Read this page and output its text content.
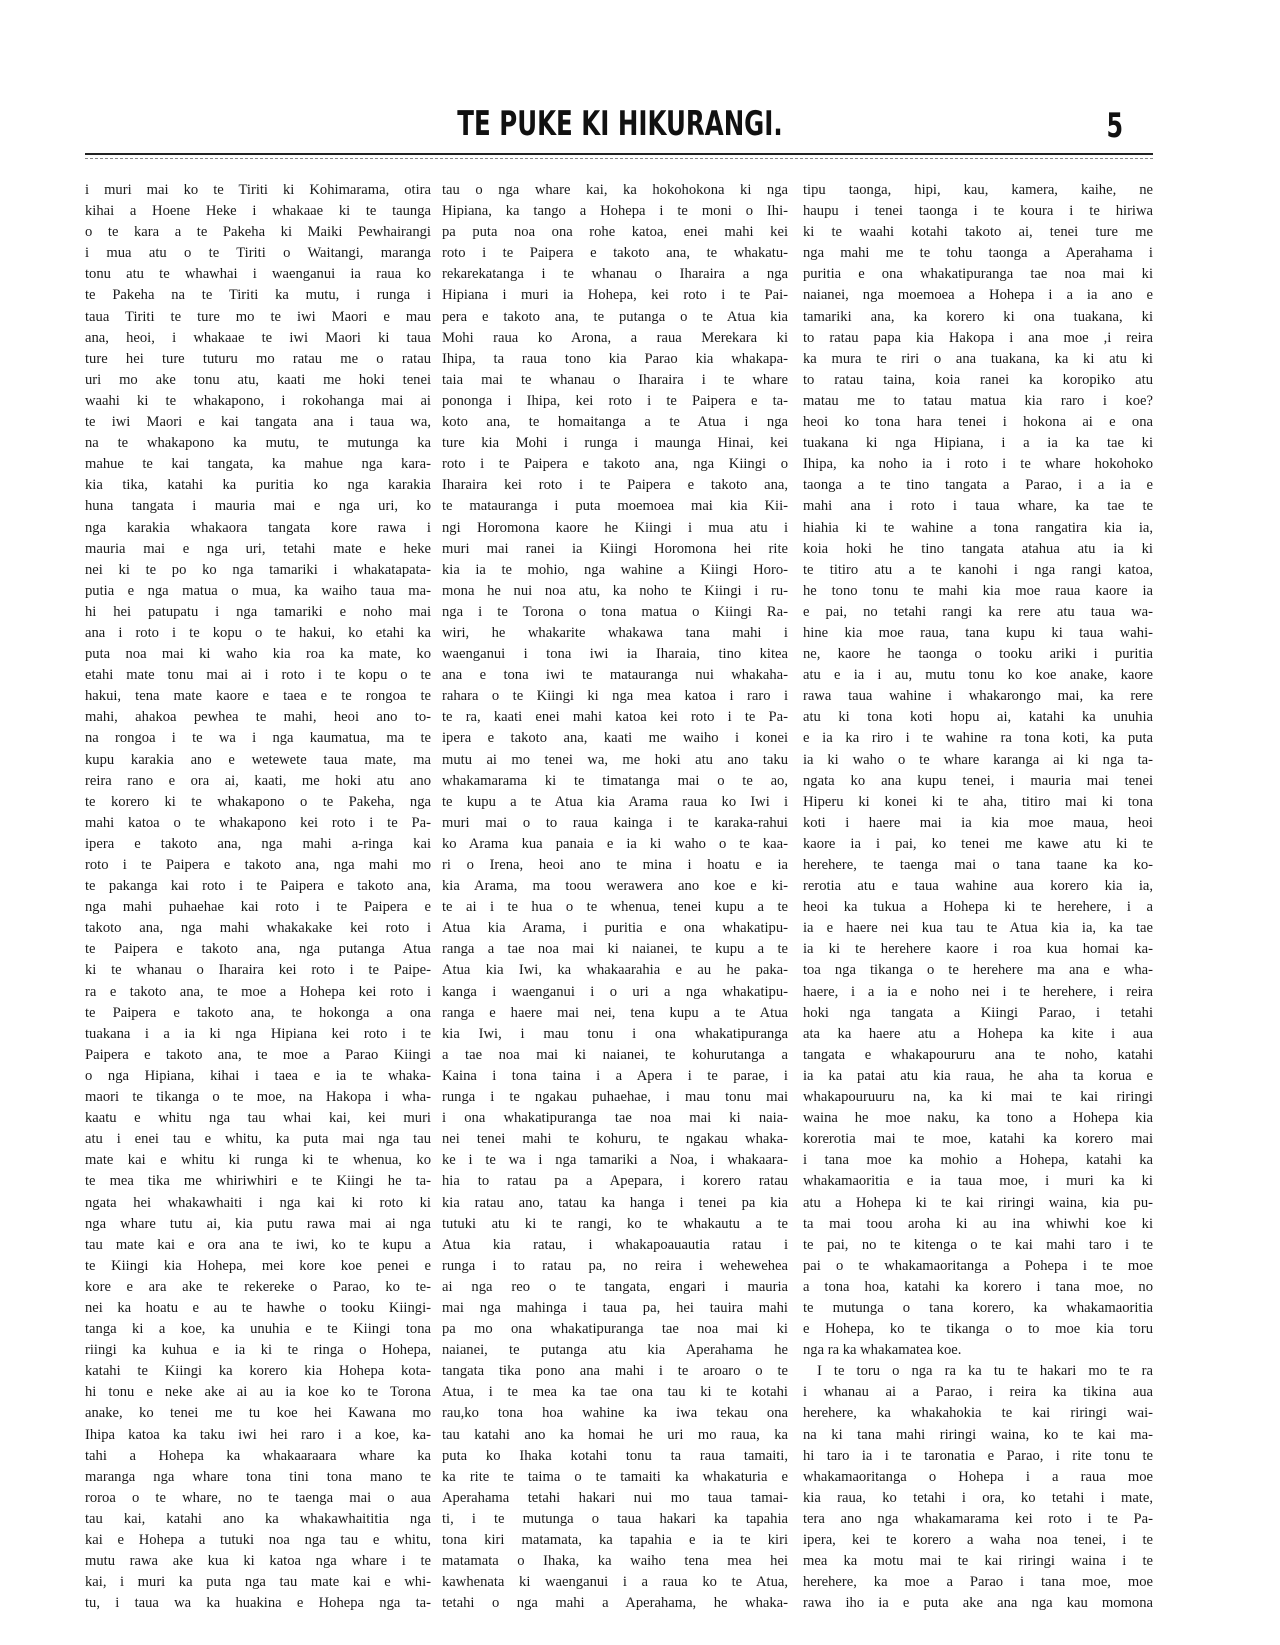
TE PUKE KI HIKURANGI.	5
i muri mai ko te Tiriti ki Kohimarama, otira
kihai a Hoene Heke i whakaae ki te taunga
o te kara a te Pakeha ki Maiki Pewhairangi
i mua atu o te Tiriti o Waitangi, maranga
tonu atu te whawhai i waenganui ia raua ko
te Pakeha na te Tiriti ka mutu, i runga i
taua Tiriti te ture mo te iwi Maori e mau
ana, heoi, i whakaae te iwi Maori ki taua
ture hei ture tuturu mo ratau me o ratau
uri mo ake tonu atu, kaati me hoki tenei
waahi ki te whakapono, i rokohanga mai ai
te iwi Maori e kai tangata ana i taua wa,
na te whakapono ka mutu, te mutunga ka
mahue te kai tangata, ka mahue nga kara-
kia tika, katahi ka puritia ko nga karakia
huna tangata i mauria mai e nga uri, ko
nga karakia whakaora tangata kore rawa i
mauria mai e nga uri, tetahi mate e heke
nei ki te po ko nga tamariki i whakatapata-
putia e nga matua o mua, ka waiho taua ma-
hi hei patupatu i nga tamariki e noho mai
ana i roto i te kopu o te hakui, ko etahi ka
puta noa mai ki waho kia roa ka mate, ko
etahi mate tonu mai ai i roto i te kopu o te
hakui, tena mate kaore e taea e te rongoa te
mahi, ahakoa pewhea te mahi, heoi ano to-
na rongoa i te wa i nga kaumatua, ma te
kupu karakia ano e wetewete taua mate, ma
reira rano e ora ai, kaati, me hoki atu ano
te korero ki te whakapono o te Pakeha, nga
mahi katoa o te whakapono kei roto i te Pa-
ipera e takoto ana, nga mahi a-ringa kai
roto i te Paipera e takoto ana, nga mahi mo
te pakanga kai roto i te Paipera e takoto ana,
nga mahi puhaehae kai roto i te Paipera e
takoto ana, nga mahi whakakake kei roto i
te Paipera e takoto ana, nga putanga Atua
ki te whanau o Iharaira kei roto i te Paipe-
ra e takoto ana, te moe a Hohepa kei roto i
te Paipera e takoto ana, te hokonga a ona
tuakana i a ia ki nga Hipiana kei roto i te
Paipera e takoto ana, te moe a Parao Kiingi
o nga Hipiana, kihai i taea e ia te whaka-
maori te tikanga o te moe, na Hakopa i wha-
kaatu e whitu nga tau whai kai, kei muri
atu i enei tau e whitu, ka puta mai nga tau
mate kai e whitu ki runga ki te whenua, ko
te mea tika me whiriwhiri e te Kiingi he ta-
ngata hei whakawhaiti i nga kai ki roto ki
nga whare tutu ai, kia putu rawa mai ai nga
tau mate kai e ora ana te iwi, ko te kupu a
te Kiingi kia Hohepa, mei kore koe penei e
kore e ara ake te rekereke o Parao, ko te-
nei ka hoatu e au te hawhe o tooku Kiingi-
tanga ki a koe, ka unuhia e te Kiingi tona
riingi ka kuhua e ia ki te ringa o Hohepa,
katahi te Kiingi ka korero kia Hohepa kota-
hi tonu e neke ake ai au ia koe ko te Torona
anake, ko tenei me tu koe hei Kawana mo
Ihipa katoa ka taku iwi hei raro i a koe, ka-
tahi a Hohepa ka whakaaraara whare ka
maranga nga whare tona tini tona mano te
roroa o te whare, no te taenga mai o aua
tau kai, katahi ano ka whakawhaititia nga
kai e Hohepa a tutuki noa nga tau e whitu,
mutu rawa ake kua ki katoa nga whare i te
kai, i muri ka puta nga tau mate kai e whi-
tu, i taua wa ka huakina e Hohepa nga ta-
tau o nga whare kai, ka hokohokona ki nga
Hipiana, ka tango a Hohepa i te moni o Ihi-
pa puta noa ona rohe katoa, enei mahi kei
roto i te Paipera e takoto ana, te whakatu-
rekarekatanga i te whanau o Iharaira a nga
Hipiana i muri ia Hohepa, kei roto i te Pai-
pera e takoto ana, te putanga o te Atua kia
Mohi raua ko Arona, a raua Merekara ki
Ihipa, ta raua tono kia Parao kia whakapa-
taia mai te whanau o Iharaira i te whare
pononga i Ihipa, kei roto i te Paipera e ta-
koto ana, te homaitanga a te Atua i nga
ture kia Mohi i runga i maunga Hinai, kei
roto i te Paipera e takoto ana, nga Kiingi o
Iharaira kei roto i te Paipera e takoto ana,
te matauranga i puta moemoea mai kia Kii-
ngi Horomona kaore he Kiingi i mua atu i
muri mai ranei ia Kiingi Horomona hei rite
kia ia te mohio, nga wahine a Kiingi Horo-
mona he nui noa atu, ka noho te Kiingi i ru-
nga i te Torona o tona matua o Kiingi Ra-
wiri, he whakarite whakawa tana mahi i
waenganui i tona iwi ia Iharaia, tino kitea
ana e tona iwi te matauranga nui whakaha-
rahara o te Kiingi ki nga mea katoa i raro i
te ra, kaati enei mahi katoa kei roto i te Pa-
ipera e takoto ana, kaati me waiho i konei
mutu ai mo tenei wa, me hoki atu ano taku
whakamarama ki te timatanga mai o te ao,
te kupu a te Atua kia Arama raua ko Iwi i
muri mai o to raua kainga i te karaka-rahui
ko Arama kua panaia e ia ki waho o te kaa-
ri o Irena, heoi ano te mina i hoatu e ia
kia Arama, ma toou werawera ano koe e ki-
te ai i te hua o te whenua, tenei kupu a te
Atua kia Arama, i puritia e ona whakatipu-
ranga a tae noa mai ki naianei, te kupu a te
Atua kia Iwi, ka whakaarahia e au he paka-
kanga i waenganui i o uri a nga whakatipu-
ranga e haere mai nei, tena kupu a te Atua
kia Iwi, i mau tonu i ona whakatipuranga
a tae noa mai ki naianei, te kohurutanga a
Kaina i tona taina i a Apera i te parae, i
runga i te ngakau puhaehae, i mau tonu mai
i ona whakatipuranga tae noa mai ki naia-
nei tenei mahi te kohuru, te ngakau whaka-
ke i te wa i nga tamariki a Noa, i whakaara-
hia to ratau pa a Apepara, i korero ratau
kia ratau ano, tatau ka hanga i tenei pa kia
tutuki atu ki te rangi, ko te whakautu a te
Atua kia ratau, i whakapoauautia ratau i
runga i to ratau pa, no reira i wehewehea
ai nga reo o te tangata, engari i mauria
mai nga mahinga i taua pa, hei tauira mahi
pa mo ona whakatipuranga tae noa mai ki
naianei, te putanga atu kia Aperahama he
tangata tika pono ana mahi i te aroaro o te
Atua, i te mea ka tae ona tau ki te kotahi
rau,ko tona hoa wahine ka iwa tekau ona
tau katahi ano ka homai he uri mo raua, ka
puta ko Ihaka kotahi tonu ta raua tamaiti,
ka rite te taima o te tamaiti ka whakaturia e
Aperahama tetahi hakari nui mo taua tamai-
ti, i te mutunga o taua hakari ka tapahia
tona kiri matamata, ka tapahia e ia te kiri
matamata o Ihaka, ka waiho tena mea hei
kawhenata ki waenganui i a raua ko te Atua,
tetahi o nga mahi a Aperahama, he whaka-
tipu taonga, hipi, kau, kamera, kaihe, ne
haupu i tenei taonga i te koura i te hiriwa
ki te waahi kotahi takoto ai, tenei ture me
nga mahi me te tohu taonga a Aperahama i
puritia e ona whakatipuranga tae noa mai ki
naianei, nga moemoea a Hohepa i a ia ano e
tamariki ana, ka korero ki ona tuakana, ki
to ratau papa kia Hakopa i ana moe ,i reira
ka mura te riri o ana tuakana, ka ki atu ki
to ratau taina, koia ranei ka koropiko atu
matau me to tatau matua kia raro i koe?
heoi ko tona hara tenei i hokona ai e ona
tuakana ki nga Hipiana, i a ia ka tae ki
Ihipa, ka noho ia i roto i te whare hokohoko
taonga a te tino tangata a Parao, i a ia e
mahi ana i roto i taua whare, ka tae te
hiahia ki te wahine a tona rangatira kia ia,
koia hoki he tino tangata atahua atu ia ki
te titiro atu a te kanohi i nga rangi katoa,
he tono tonu te mahi kia moe raua kaore ia
e pai, no tetahi rangi ka rere atu taua wa-
hine kia moe raua, tana kupu ki taua wahi-
ne, kaore he taonga o tooku ariki i puritia
atu e ia i au, mutu tonu ko koe anake, kaore
rawa taua wahine i whakarongo mai, ka rere
atu ki tona koti hopu ai, katahi ka unuhia
e ia ka riro i te wahine ra tona koti, ka puta
ia ki waho o te whare karanga ai ki nga ta-
ngata ko ana kupu tenei, i mauria mai tenei
Hiperu ki konei ki te aha, titiro mai ki tona
koti i haere mai ia kia moe maua, heoi
kaore ia i pai, ko tenei me kawe atu ki te
herehere, te taenga mai o tana taane ka ko-
rerotia atu e taua wahine aua korero kia ia,
heoi ka tukua a Hohepa ki te herehere, i a
ia e haere nei kua tau te Atua kia ia, ka tae
ia ki te herehere kaore i roa kua homai ka-
toa nga tikanga o te herehere ma ana e wha-
haere, i a ia e noho nei i te herehere, i reira
hoki nga tangata a Kiingi Parao, i tetahi
ata ka haere atu a Hohepa ka kite i aua
tangata e whakapoururu ana te noho, katahi
ia ka patai atu kia raua, he aha ta korua e
whakapouruuru na, ka ki mai te kai riringi
waina he moe naku, ka tono a Hohepa kia
korerotia mai te moe, katahi ka korero mai
i tana moe ka mohio a Hohepa, katahi ka
whakamaoritia e ia taua moe, i muri ka ki
atu a Hohepa ki te kai riringi waina, kia pu-
ta mai toou aroha ki au ina whiwhi koe ki
te pai, no te kitenga o te kai mahi taro i te
pai o te whakamaoritanga a Pohepa i te moe
a tona hoa, katahi ka korero i tana moe, no
te mutunga o tana korero, ka whakamaoritia
e Hohepa, ko te tikanga o to moe kia toru
nga ra ka whakamatea koe.
I te toru o nga ra ka tu te hakari mo te ra
i whanau ai a Parao, i reira ka tikina aua
herehere, ka whakahokia te kai riringi wai-
na ki tana mahi riringi waina, ko te kai ma-
hi taro ia i te taronatia e Parao, i rite tonu te
whakamaoritanga o Hohepa i a raua moe
kia raua, ko tetahi i ora, ko tetahi i mate,
tera ano nga whakamarama kei roto i te Pa-
ipera, kei te korero a waha noa tenei, i te
mea ka motu mai te kai riringi waina i te
herehere, ka moe a Parao i tana moe, moe
rawa iho ia e puta ake ana nga kau momona
